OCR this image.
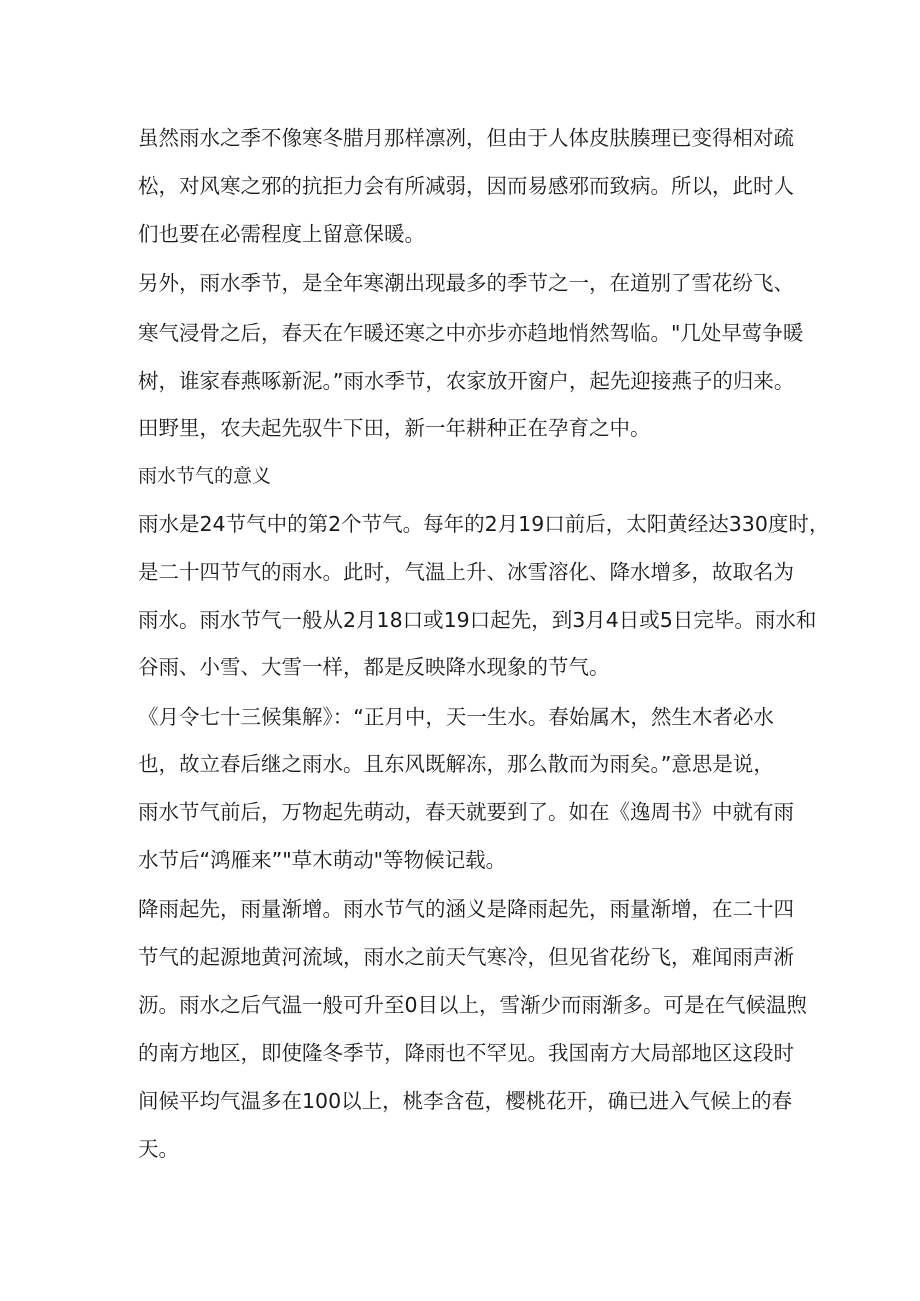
虽然雨水之季不像寒冬腊月那样凛冽，但由于人体皮肤腠理已变得相对疏
松，对风寒之邪的抗拒力会有所减弱，因而易感邪而致病。所以，此时人
们也要在必需程度上留意保暖。
另外，雨水季节，是全年寒潮出现最多的季节之一，在道别了雪花纷飞、
寒气浸骨之后，春天在乍暖还寒之中亦步亦趋地悄然驾临。"几处早莺争暖
树，谁家春燕啄新泥。”雨水季节，农家放开窗户，起先迎接燕子的归来。
田野里，农夫起先驭牛下田，新一年耕种正在孕育之中。
雨水节气的意义
雨水是24节气中的第2个节气。每年的2月19口前后，太阳黄经达330度时，
是二十四节气的雨水。此时，气温上升、冰雪溶化、降水增多，故取名为
雨水。雨水节气一般从2月18口或19口起先，到3月4日或5日完毕。雨水和
谷雨、小雪、大雪一样，都是反映降水现象的节气。
《月令七十三候集解》：“正月中，天一生水。春始属木，然生木者必水
也，故立春后继之雨水。且东风既解冻，那么散而为雨矣。”意思是说，
雨水节气前后，万物起先萌动，春天就要到了。如在《逸周书》中就有雨
水节后“鸿雁来”"草木萌动"等物候记载。
降雨起先，雨量渐增。雨水节气的涵义是降雨起先，雨量渐增，在二十四
节气的起源地黄河流域，雨水之前天气寒冷，但见省花纷飞，难闻雨声淅
沥。雨水之后气温一般可升至0目以上，雪渐少而雨渐多。可是在气候温煦
的南方地区，即使隆冬季节，降雨也不罕见。我国南方大局部地区这段时
间候平均气温多在100以上，桃李含苞，樱桃花开，确已进入气候上的春
天。
